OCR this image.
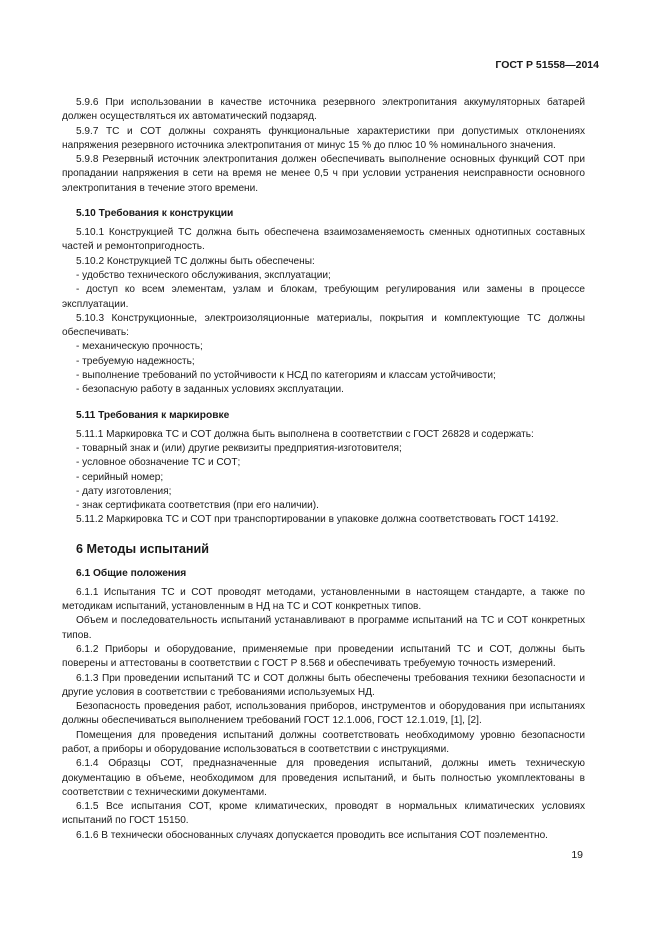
ГОСТ Р 51558—2014

5.9.6 При использовании в качестве источника резервного электропитания аккумуляторных батарей должен осуществляться их автоматический подзаряд.

5.9.7 ТС и СОТ должны сохранять функциональные характеристики при допустимых отклонениях напряжения резервного источника электропитания от минус 15 % до плюс 10 % номинального значения.

5.9.8 Резервный источник электропитания должен обеспечивать выполнение основных функций СОТ при пропадании напряжения в сети на время не менее 0,5 ч при условии устранения неисправности основного электропитания в течение этого времени.

5.10 Требования к конструкции

5.10.1 Конструкцией ТС должна быть обеспечена взаимозаменяемость сменных однотипных составных частей и ремонтопригодность.

5.10.2 Конструкцией ТС должны быть обеспечены:

- удобство технического обслуживания, эксплуатации;

- доступ ко всем элементам, узлам и блокам, требующим регулирования или замены в процессе эксплуатации.

5.10.3 Конструкционные, электроизоляционные материалы, покрытия и комплектующие ТС должны обеспечивать:

- механическую прочность;

- требуемую надежность;

- выполнение требований по устойчивости к НСД по категориям и классам устойчивости;

- безопасную работу в заданных условиях эксплуатации.

5.11 Требования к маркировке

5.11.1 Маркировка ТС и СОТ должна быть выполнена в соответствии с ГОСТ 26828 и содержать:

- товарный знак и (или) другие реквизиты предприятия-изготовителя;

- условное обозначение ТС и СОТ;

- серийный номер;

- дату изготовления;

- знак сертификата соответствия (при его наличии).

5.11.2 Маркировка ТС и СОТ при транспортировании в упаковке должна соответствовать ГОСТ 14192.

6 Методы испытаний
6.1 Общие положения

6.1.1 Испытания ТС и СОТ проводят методами, установленными в настоящем стандарте, а также по методикам испытаний, установленным в НД на ТС и СОТ конкретных типов.

Объем и последовательность испытаний устанавливают в программе испытаний на ТС и СОТ конкретных типов.

6.1.2 Приборы и оборудование, применяемые при проведении испытаний ТС и СОТ, должны быть поверены и аттестованы в соответствии с ГОСТ Р 8.568 и обеспечивать требуемую точность измерений.

6.1.3 При проведении испытаний ТС и СОТ должны быть обеспечены требования техники безопасности и другие условия в соответствии с требованиями используемых НД.

Безопасность проведения работ, использования приборов, инструментов и оборудования при испытаниях должны обеспечиваться выполнением требований ГОСТ 12.1.006, ГОСТ 12.1.019, [1], [2].

Помещения для проведения испытаний должны соответствовать необходимому уровню безопасности работ, а приборы и оборудование использоваться в соответствии с инструкциями.

6.1.4 Образцы СОТ, предназначенные для проведения испытаний, должны иметь техническую документацию в объеме, необходимом для проведения испытаний, и быть полностью укомплектованы в соответствии с техническими документами.

6.1.5 Все испытания СОТ, кроме климатических, проводят в нормальных климатических условиях испытаний по ГОСТ 15150.

6.1.6 В технически обоснованных случаях допускается проводить все испытания СОТ поэлементно.

19
